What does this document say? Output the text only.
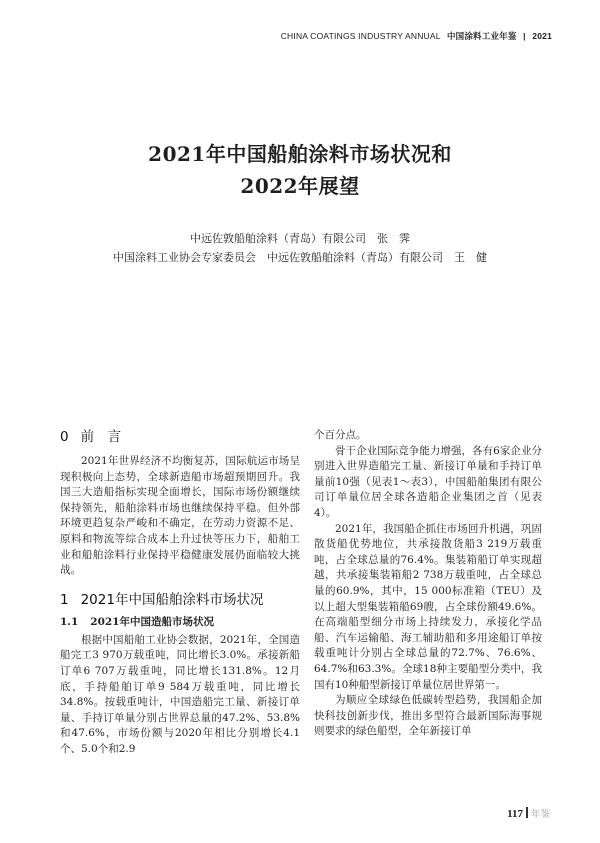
CHINA COATINGS INDUSTRY ANNUAL 中国涂料工业年鉴 | 2021
2021年中国船舶涂料市场状况和
2022年展望
中远佐敦船舶涂料（青岛）有限公司　张　霁
中国涂料工业协会专家委员会　中远佐敦船舶涂料（青岛）有限公司　王　健
0 前　言

2021年世界经济不均衡复苏，国际航运市场呈现积极向上态势，全球新造船市场超预期回升。我国三大造船指标实现全面增长，国际市场份额继续保持领先，船舶涂料市场也继续保持平稳。但外部环境更趋复杂严峻和不确定，在劳动力资源不足、原料和物流等综合成本上升过快等压力下，船舶工业和船舶涂料行业保持平稳健康发展仍面临较大挑战。

1 2021年中国船舶涂料市场状况
1.1 2021年中国造船市场状况

根据中国船舶工业协会数据，2021年，全国造船完工3 970万载重吨，同比增长3.0%。承接新船订单6 707万载重吨，同比增长131.8%。12月底，手持船舶订单9 584万载重吨，同比增长34.8%。按载重吨计，中国造船完工量、新接订单量、手持订单量分别占世界总量的47.2%、53.8%和47.6%，市场份额与2020年相比分别增长4.1个、5.0个和2.9

个百分点。

骨干企业国际竞争能力增强，各有6家企业分别进入世界造船完工量、新接订单量和手持订单量前10强（见表1～表3），中国船舶集团有限公司订单量位居全球各造船企业集团之首（见表4）。

2021年，我国船企抓住市场回升机遇，巩固散货船优势地位，共承接散货船3 219万载重吨，占全球总量的76.4%。集装箱船订单实现超越，共承接集装箱船2 738万载重吨，占全球总量的60.9%，其中，15 000标准箱（TEU）及以上超大型集装箱船69艘，占全球份额49.6%。在高端船型细分市场上持续发力，承接化学品船、汽车运输船、海工辅助船和多用途船订单按载重吨计分别占全球总量的72.7%、76.6%、64.7%和63.3%。全球18种主要船型分类中，我国有10种船型新接订单量位居世界第一。

为顺应全球绿色低碳转型趋势，我国船企加快科技创新步伐，推出多型符合最新国际海事规则要求的绿色船型，全年新接订单

117 年鉴
